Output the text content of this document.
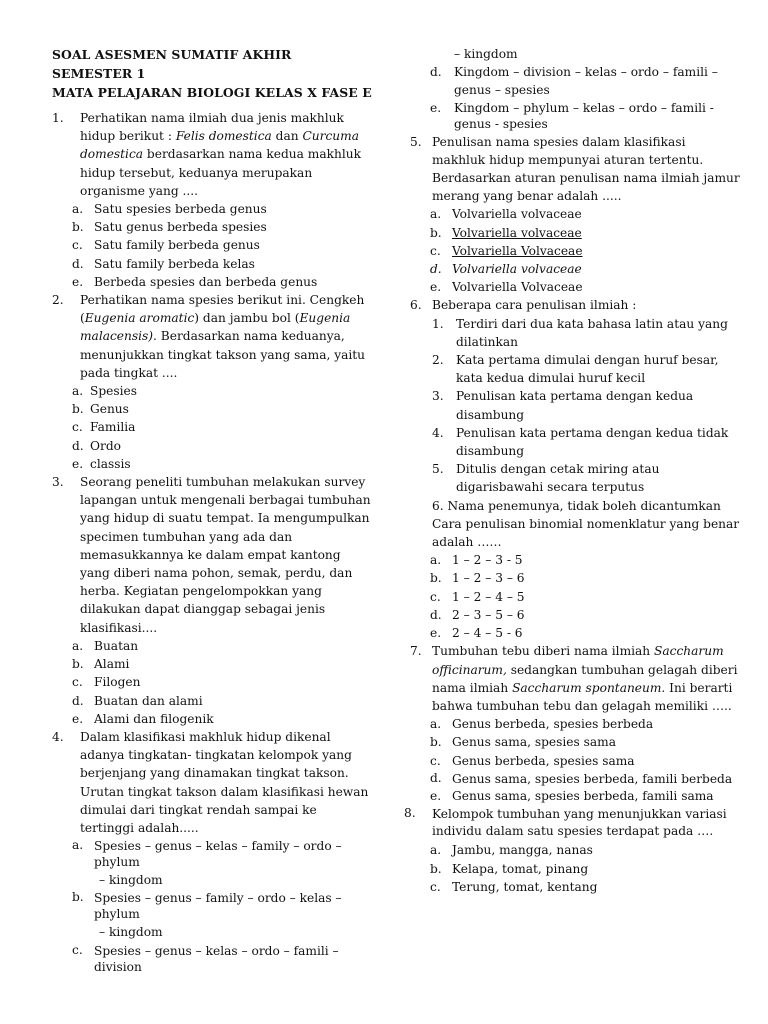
SOAL ASESMEN SUMATIF AKHIR SEMESTER 1

MATA PELAJARAN BIOLOGI KELAS X FASE E

1. Perhatikan nama ilmiah dua jenis makhluk hidup berikut : Felis domestica dan Curcuma domestica berdasarkan nama kedua makhluk hidup tersebut, keduanya merupakan organisme yang ....

a. Satu spesies berbeda genus
b. Satu genus berbeda spesies
c. Satu family berbeda genus
d. Satu family berbeda kelas
e. Berbeda spesies dan berbeda genus
2. Perhatikan nama spesies berikut ini. Cengkeh (Eugenia aromatic) dan jambu bol (Eugenia malacensis). Berdasarkan nama keduanya, menunjukkan tingkat takson yang sama, yaitu pada tingkat ....

a. Spesies
b. Genus
c. Familia
d. Ordo
e. classis
3. Seorang peneliti tumbuhan melakukan survey lapangan untuk mengenali berbagai tumbuhan yang hidup di suatu tempat. Ia mengumpulkan specimen tumbuhan yang ada dan memasukkannya ke dalam empat kantong yang diberi nama pohon, semak, perdu, dan herba. Kegiatan pengelompokkan yang dilakukan dapat dianggap sebagai jenis klasifikasi....

a. Buatan
b. Alami
c. Filogen
d. Buatan dan alami
e. Alami dan filogenik
4. Dalam klasifikasi makhluk hidup dikenal adanya tingkatan- tingkatan kelompok yang berjenjang yang dinamakan tingkat takson. Urutan tingkat takson dalam klasifikasi hewan dimulai dari tingkat rendah sampai ke tertinggi adalah.....

a. Spesies – genus – kelas – family – ordo – phylum
– kingdom
b. Spesies – genus – family – ordo – kelas – phylum
– kingdom
c. Spesies – genus – kelas – ordo – famili – division
– kingdom
d. Kingdom – division – kelas – ordo – famili – genus – spesies
e. Kingdom – phylum – kelas – ordo – famili - genus - spesies
5. Penulisan nama spesies dalam klasifikasi makhluk hidup mempunyai aturan tertentu. Berdasarkan aturan penulisan nama ilmiah jamur merang yang benar adalah .....

a. Volvariella volvaceae
b. Volvariella volvaceae
c. Volvariella Volvaceae
d. Volvariella volvaceae
e. Volvariella Volvaceae
6. Beberapa cara penulisan ilmiah :

1. Terdiri dari dua kata bahasa latin atau yang dilatinkan
2. Kata pertama dimulai dengan huruf besar, kata kedua dimulai huruf kecil
3. Penulisan kata pertama dengan kedua disambung
4. Penulisan kata pertama dengan kedua tidak disambung
5. Ditulis dengan cetak miring atau digarisbawahi secara terputus

6. Nama penemunya, tidak boleh dicantumkan Cara penulisan binomial nomenklatur yang benar adalah ……

a. 1 – 2 – 3 - 5
b. 1 – 2 – 3 – 6
c. 1 – 2 – 4 – 5
d. 2 – 3 – 5 – 6
e. 2 – 4 – 5 - 6
7. Tumbuhan tebu diberi nama ilmiah Saccharum officinarum, sedangkan tumbuhan gelagah diberi nama ilmiah Saccharum spontaneum. Ini berarti bahwa tumbuhan tebu dan gelagah memiliki …..

a. Genus berbeda, spesies berbeda
b. Genus sama, spesies sama
c. Genus berbeda, spesies sama
d. Genus sama, spesies berbeda, famili berbeda
e. Genus sama, spesies berbeda, famili sama
8. Kelompok tumbuhan yang menunjukkan variasi individu dalam satu spesies terdapat pada ….

a. Jambu, mangga, nanas
b. Kelapa, tomat, pinang
c. Terung, tomat, kentang
